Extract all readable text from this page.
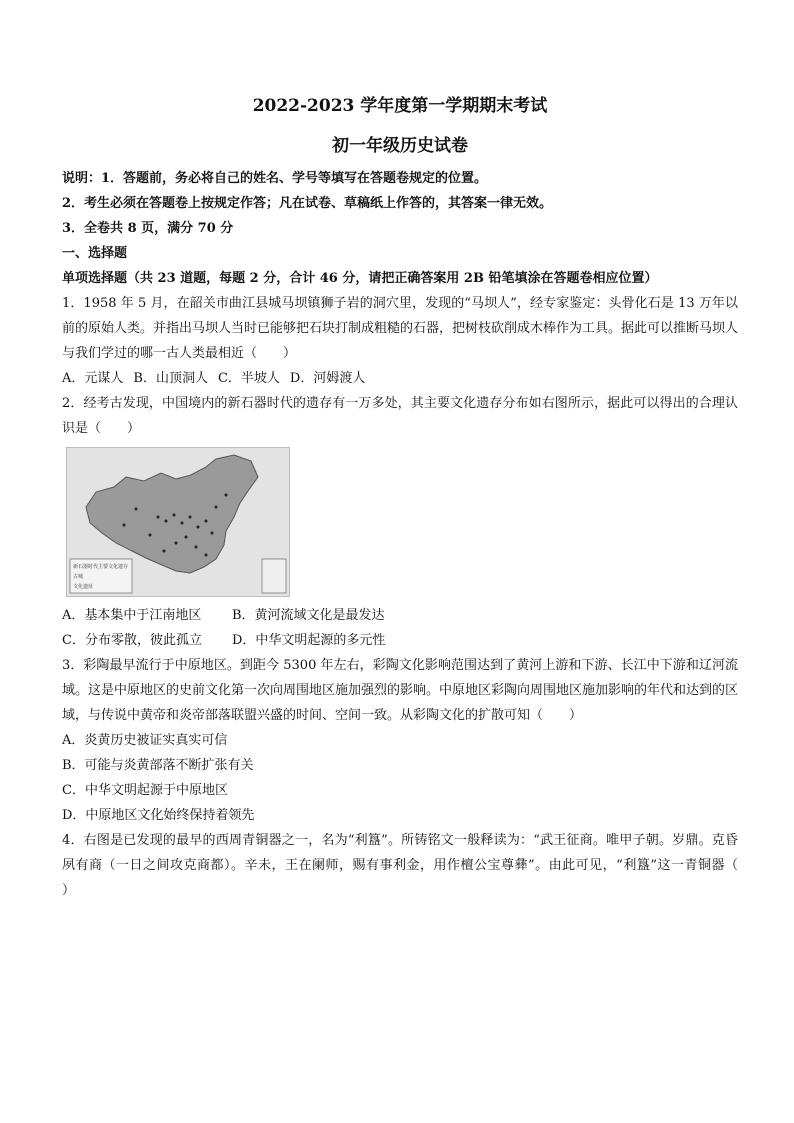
2022-2023 学年度第一学期期末考试
初一年级历史试卷

说明：1．答题前，务必将自己的姓名、学号等填写在答题卷规定的位置。

2．考生必须在答题卷上按规定作答；凡在试卷、草稿纸上作答的，其答案一律无效。

3．全卷共 8 页，满分 70 分

一、选择题

单项选择题（共 23 道题，每题 2 分，合计 46 分，请把正确答案用 2B 铅笔填涂在答题卷相应位置）

1．1958 年 5 月，在韶关市曲江县城马坝镇狮子岩的洞穴里，发现的“马坝人”，经专家鉴定：头骨化石是 13 万年以前的原始人类。并指出马坝人当时已能够把石块打制成粗糙的石器，把树枝砍削成木棒作为工具。据此可以推断马坝人与我们学过的哪一古人类最相近（　　）

A．元谋人 B．山顶洞人 C．半坡人 D．河姆渡人

2．经考古发现，中国境内的新石器时代的遗存有一万多处，其主要文化遗存分布如右图所示，据此可以得出的合理认识是（　　）

新石器时代主要文化遗存
古城
文化遗址
A．基本集中于江南地区	B．黄河流域文化是最发达
C．分布零散，彼此孤立	D．中华文明起源的多元性

3．彩陶最早流行于中原地区。到距今 5300 年左右，彩陶文化影响范围达到了黄河上游和下游、长江中下游和辽河流域。这是中原地区的史前文化第一次向周围地区施加强烈的影响。中原地区彩陶向周围地区施加影响的年代和达到的区域，与传说中黄帝和炎帝部落联盟兴盛的时间、空间一致。从彩陶文化的扩散可知（　　）

A．炎黄历史被证实真实可信

B．可能与炎黄部落不断扩张有关

C．中华文明起源于中原地区

D．中原地区文化始终保持着领先

4．右图是已发现的最早的西周青铜器之一，名为“利簋”。所铸铭文一般释读为：“武王征商。唯甲子朝。岁鼎。克昏夙有商（一日之间攻克商都）。辛未，王在阑师，赐有事利金，用作檀公宝尊彝”。由此可见，“利簋”这一青铜器（　　）
